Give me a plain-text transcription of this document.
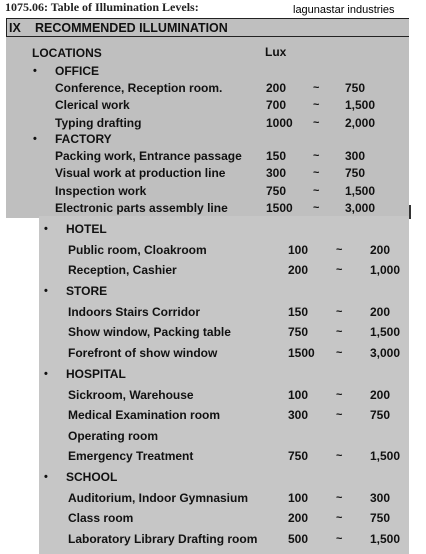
1075.06: Table of Illumination Levels:	lagunastar industries
IX RECOMMENDED ILLUMINATION
LOCATIONS	Lux
• OFFICE
Conference, Reception room.	200 ~ 750
Clerical work	700 ~ 1,500
Typing drafting	1000 ~ 2,000
• FACTORY
Packing work, Entrance passage 150 ~ 300
Visual work at production line	300 ~ 750
Inspection work	750 ~ 1,500
Electronic parts assembly line	1500 ~ 3,000
• HOTEL
Public room, Cloakroom	100	~ 200
Reception, Cashier	200	~ 1,000
• STORE
Indoors Stairs Corridor	150	~ 200
Show window, Packing table	750	~ 1,500
Forefront of show window	1500 ~ 3,000
• HOSPITAL
Sickroom, Warehouse	100	~ 200
Medical Examination room	300	~ 750
Operating room
Emergency Treatment	750	~ 1,500
• SCHOOL
Auditorium, Indoor Gymnasium	100	~ 300
Class room	200	~ 750
Laboratory Library Drafting room	500	~ 1,500
